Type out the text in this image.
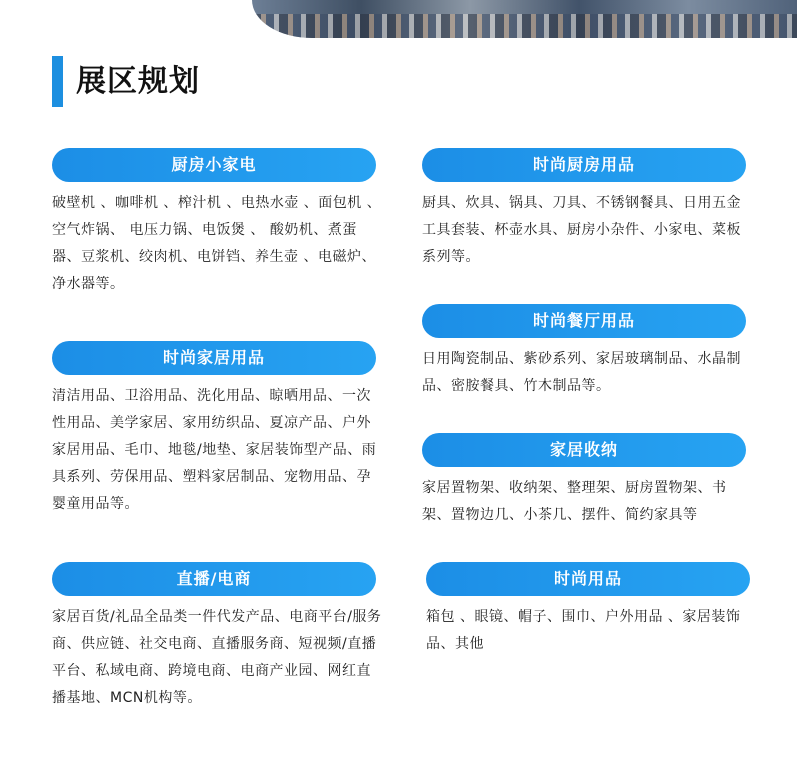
展区规划
厨房小家电
破壁机 、咖啡机 、榨汁机 、电热水壶 、面包机 、空气炸锅、 电压力锅、电饭煲 、 酸奶机、煮蛋器、豆浆机、绞肉机、电饼铛、养生壶 、电磁炉、净水器等。
时尚家居用品
清洁用品、卫浴用品、洗化用品、晾晒用品、一次性用品、美学家居、家用纺织品、夏凉产品、户外家居用品、毛巾、地毯/地垫、家居装饰型产品、雨具系列、劳保用品、塑料家居制品、宠物用品、孕婴童用品等。
直播/电商
家居百货/礼品全品类一件代发产品、电商平台/服务商、供应链、社交电商、直播服务商、短视频/直播平台、私域电商、跨境电商、电商产业园、网红直播基地、MCN机构等。
时尚厨房用品
厨具、炊具、锅具、刀具、不锈钢餐具、日用五金工具套装、杯壶水具、厨房小杂件、小家电、菜板系列等。
时尚餐厅用品
日用陶瓷制品、紫砂系列、家居玻璃制品、水晶制品、密胺餐具、竹木制品等。
家居收纳
家居置物架、收纳架、整理架、厨房置物架、书架、置物边几、小茶几、摆件、简约家具等
时尚用品
箱包 、眼镜、帽子、围巾、户外用品 、家居装饰品、其他
